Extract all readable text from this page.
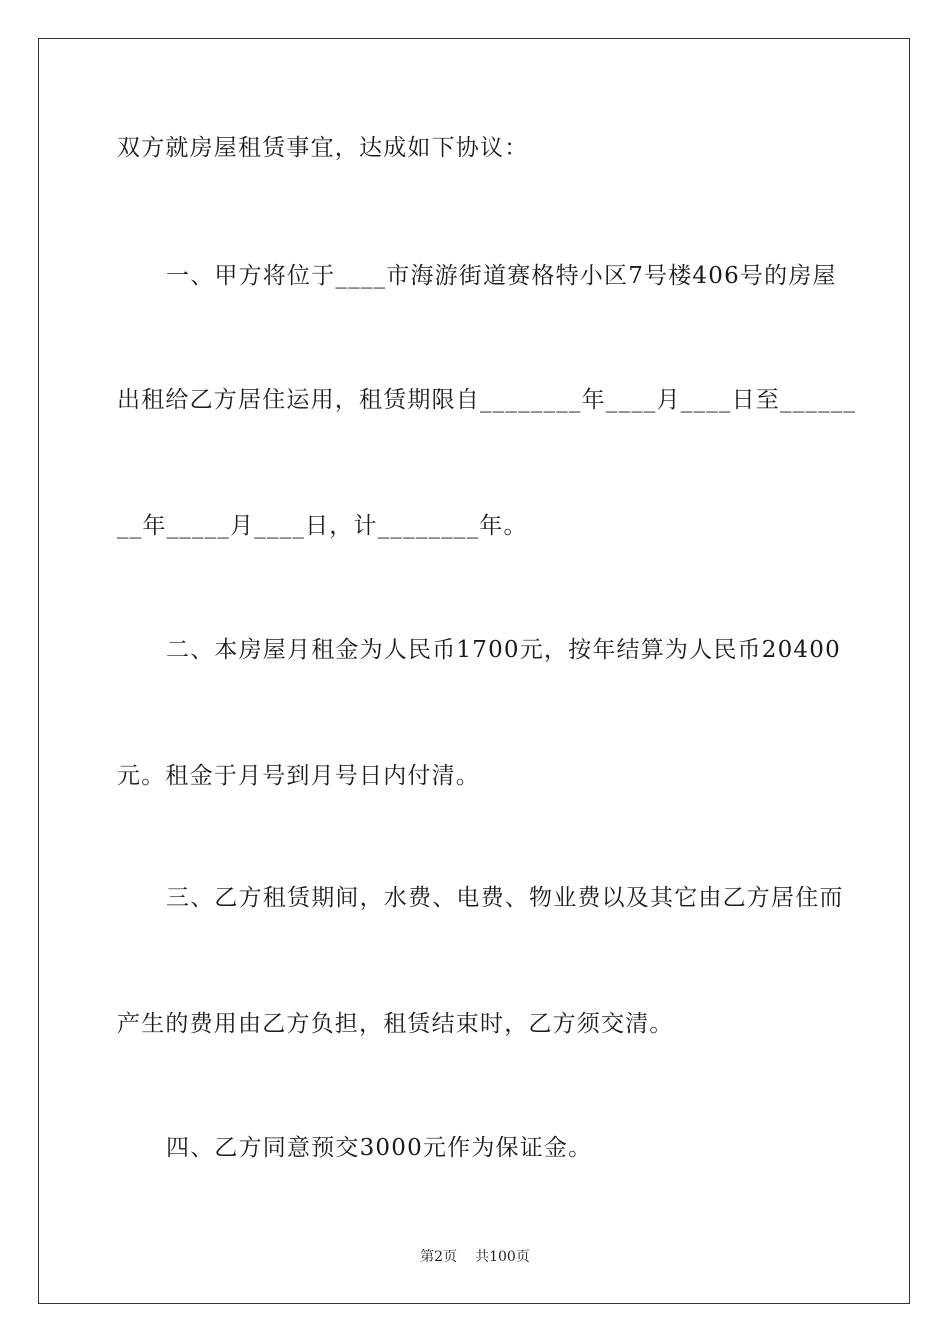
双方就房屋租赁事宜，达成如下协议：
一、甲方将位于____市海游街道赛格特小区7号楼406号的房屋
出租给乙方居住运用，租赁期限自________年____月____日至______
__年_____月____日，计________年。
二、本房屋月租金为人民币1700元，按年结算为人民币20400
元。租金于月号到月号日内付清。
三、乙方租赁期间，水费、电费、物业费以及其它由乙方居住而
产生的费用由乙方负担，租赁结束时，乙方须交清。
四、乙方同意预交3000元作为保证金。
第2页 共100页
